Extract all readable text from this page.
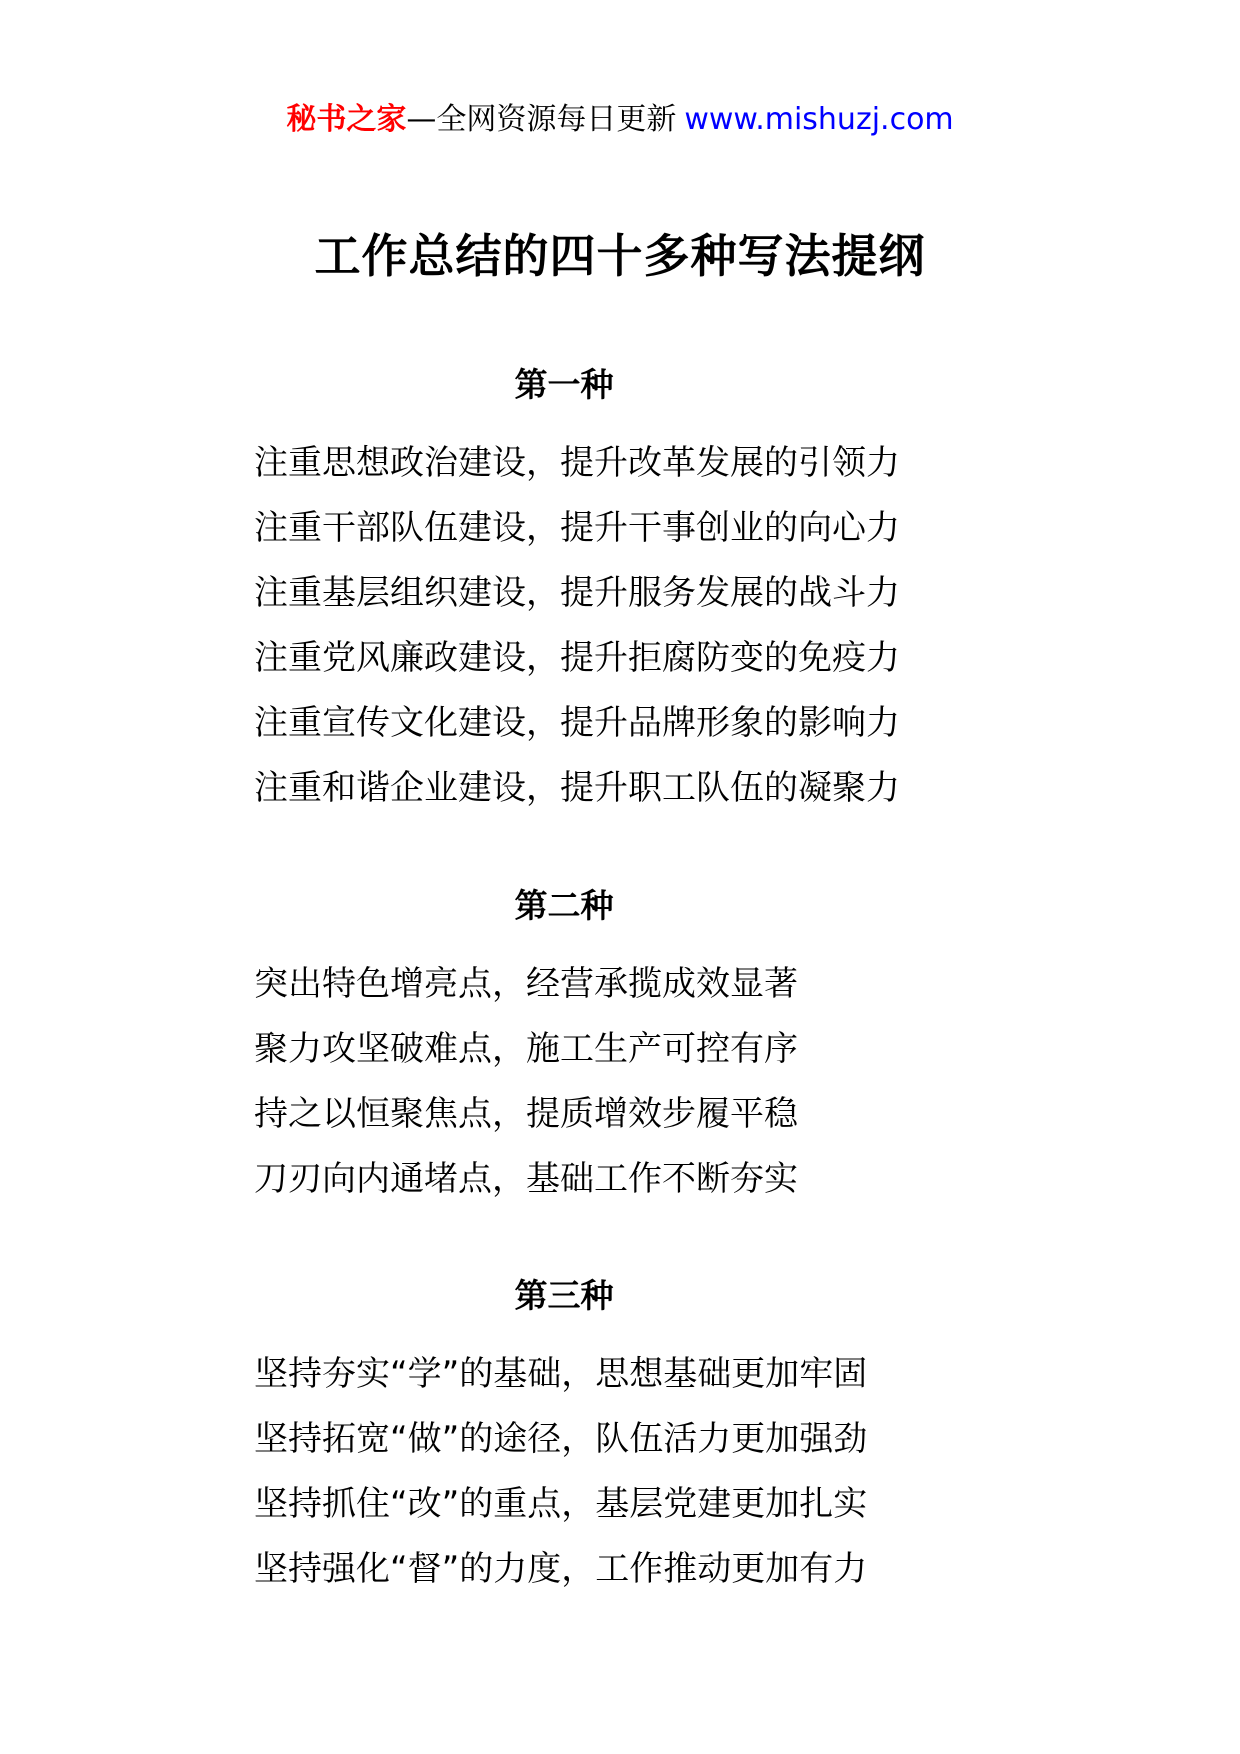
秘书之家—全网资源每日更新 www.mishuzj.com
工作总结的四十多种写法提纲
第一种
注重思想政治建设，提升改革发展的引领力
注重干部队伍建设，提升干事创业的向心力
注重基层组织建设，提升服务发展的战斗力
注重党风廉政建设，提升拒腐防变的免疫力
注重宣传文化建设，提升品牌形象的影响力
注重和谐企业建设，提升职工队伍的凝聚力
第二种
突出特色增亮点，经营承揽成效显著
聚力攻坚破难点，施工生产可控有序
持之以恒聚焦点，提质增效步履平稳
刀刃向内通堵点，基础工作不断夯实
第三种
坚持夯实“学”的基础，思想基础更加牢固
坚持拓宽“做”的途径，队伍活力更加强劲
坚持抓住“改”的重点，基层党建更加扎实
坚持强化“督”的力度，工作推动更加有力
